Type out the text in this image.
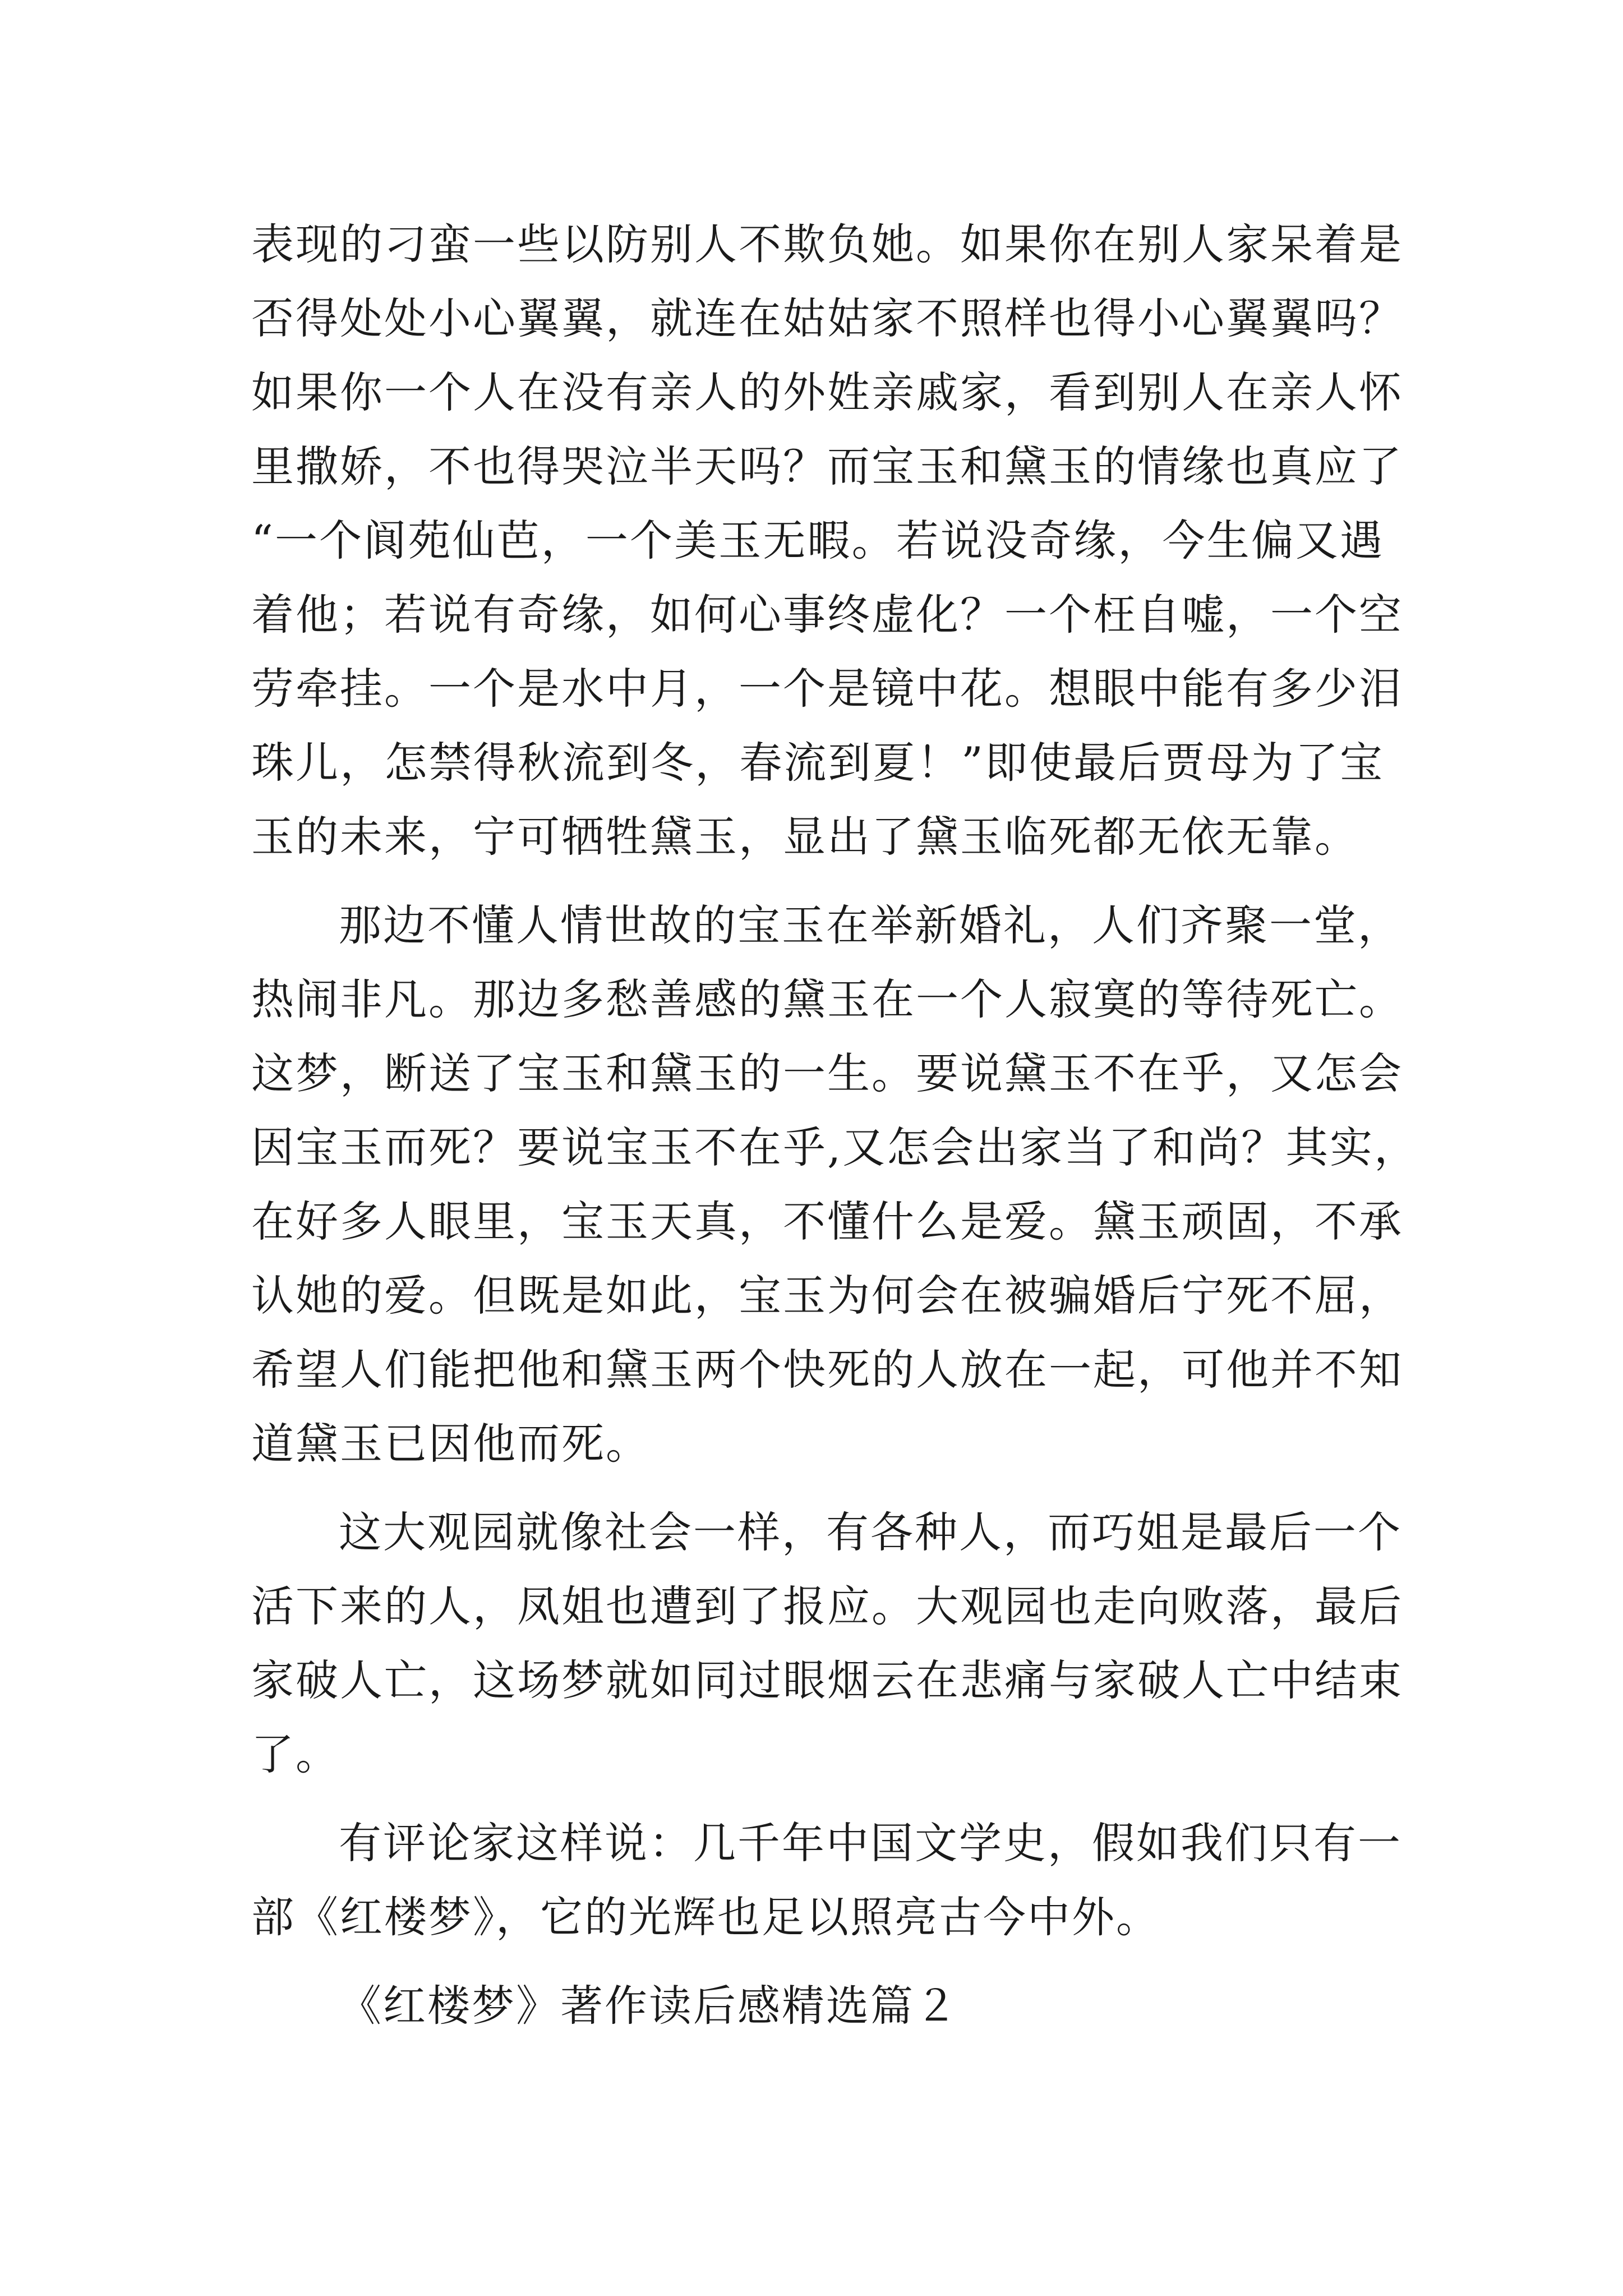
表现的刁蛮一些以防别人不欺负她。如果你在别人家呆着是
否得处处小心翼翼，就连在姑姑家不照样也得小心翼翼吗？
如果你一个人在没有亲人的外姓亲戚家，看到别人在亲人怀
里撒娇，不也得哭泣半天吗？而宝玉和黛玉的情缘也真应了
“一个阆苑仙芭，一个美玉无暇。若说没奇缘，今生偏又遇
着他；若说有奇缘，如何心事终虚化？一个枉自嘘，一个空
劳牵挂。一个是水中月，一个是镜中花。想眼中能有多少泪
珠儿，怎禁得秋流到冬，春流到夏！”即使最后贾母为了宝
玉的未来，宁可牺牲黛玉，显出了黛玉临死都无依无靠。
那边不懂人情世故的宝玉在举新婚礼，人们齐聚一堂，
热闹非凡。那边多愁善感的黛玉在一个人寂寞的等待死亡。
这梦，断送了宝玉和黛玉的一生。要说黛玉不在乎，又怎会
因宝玉而死？要说宝玉不在乎,又怎会出家当了和尚？其实，
在好多人眼里，宝玉天真，不懂什么是爱。黛玉顽固，不承
认她的爱。但既是如此，宝玉为何会在被骗婚后宁死不屈，
希望人们能把他和黛玉两个快死的人放在一起，可他并不知
道黛玉已因他而死。
这大观园就像社会一样，有各种人，而巧姐是最后一个
活下来的人，凤姐也遭到了报应。大观园也走向败落，最后
家破人亡，这场梦就如同过眼烟云在悲痛与家破人亡中结束
了。
有评论家这样说：几千年中国文学史，假如我们只有一
部《红楼梦》，它的光辉也足以照亮古今中外。
《红楼梦》著作读后感精选篇２
